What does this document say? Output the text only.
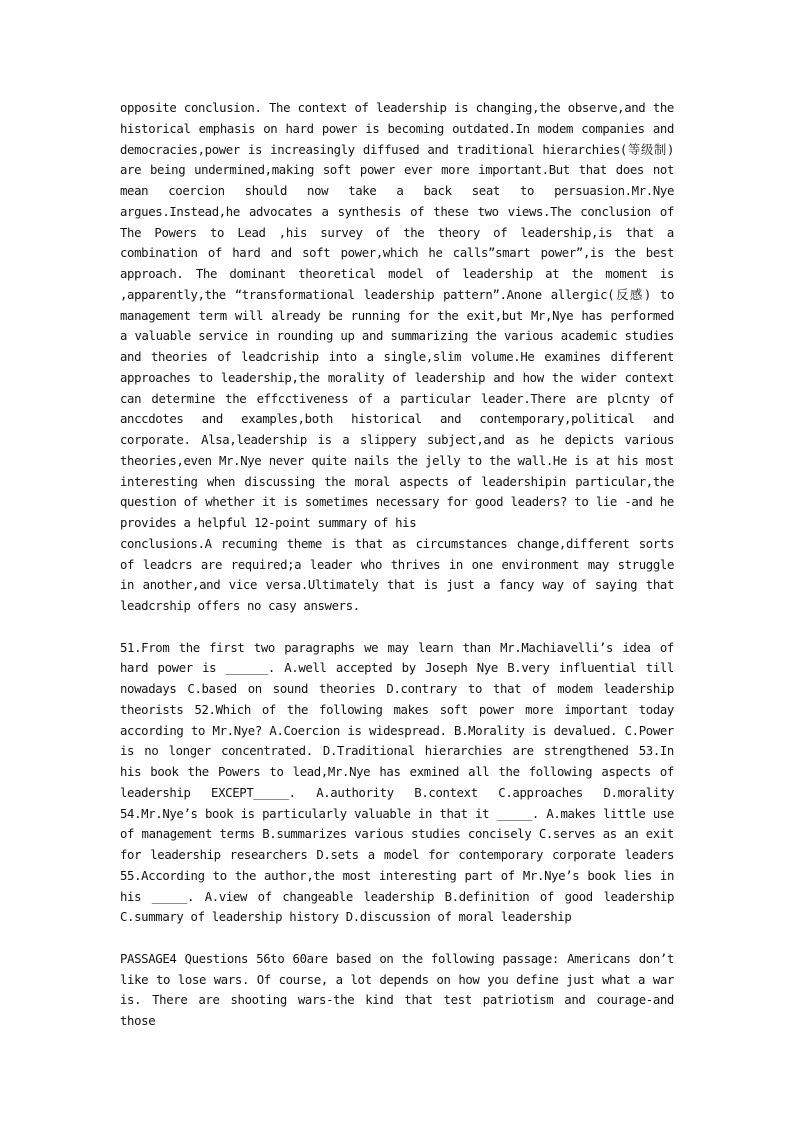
opposite conclusion. The context of leadership is changing,the observe,and the historical emphasis on hard power is becoming outdated.In modem companies and democracies,power is increasingly diffused and traditional hierarchies(等级制) are being undermined,making soft power ever more important.But that does not mean coercion should now take a back seat to persuasion.Mr.Nye argues.Instead,he advocates a synthesis of these two views.The conclusion of The Powers to Lead ,his survey of the theory of leadership,is that a combination of hard and soft power,which he calls”smart power”,is the best approach. The dominant theoretical model of leadership at the moment is ,apparently,the “transformational leadership pattern”.Anone allergic(反感) to management term will already be running for the exit,but Mr,Nye has performed a valuable service in rounding up and summarizing the various academic studies and theories of leadcriship into a single,slim volume.He examines different approaches to leadership,the morality of leadership and how the wider context can determine the effcctiveness of a particular leader.There are plcnty of anccdotes and examples,both historical and contemporary,political and corporate. Alsa,leadership is a slippery subject,and as he depicts various theories,even Mr.Nye never quite nails the jelly to the wall.He is at his most interesting when discussing the moral aspects of leadershipin particular,the question of whether it is sometimes necessary for good leaders? to lie -and he provides a helpful 12-point summary of his

conclusions.A recuming theme is that as circumstances change,different sorts of leadcrs are required;a leader who thrives in one environment may struggle in another,and vice versa.Ultimately that is just a fancy way of saying that leadcrship offers no casy answers.

51.From the first two paragraphs we may learn than Mr.Machiavelli’s idea of hard power is ______. A.well accepted by Joseph Nye B.very influential till nowadays C.based on sound theories D.contrary to that of modem leadership theorists 52.Which of the following makes soft power more important today according to Mr.Nye? A.Coercion is widespread. B.Morality is devalued. C.Power is no longer concentrated. D.Traditional hierarchies are strengthened 53.In his book the Powers to lead,Mr.Nye has exmined all the following aspects of leadership EXCEPT_____. A.authority B.context C.approaches D.morality 54.Mr.Nye’s book is particularly valuable in that it _____. A.makes little use of management terms B.summarizes various studies concisely C.serves as an exit for leadership researchers D.sets a model for contemporary corporate leaders 55.According to the author,the most interesting part of Mr.Nye’s book lies in his _____. A.view of changeable leadership B.definition of good leadership C.summary of leadership history D.discussion of moral leadership

PASSAGE4 Questions 56to 60are based on the following passage: Americans don’t like to lose wars. Of course, a lot depends on how you define just what a war is. There are shooting wars-the kind that test patriotism and courage-and those
